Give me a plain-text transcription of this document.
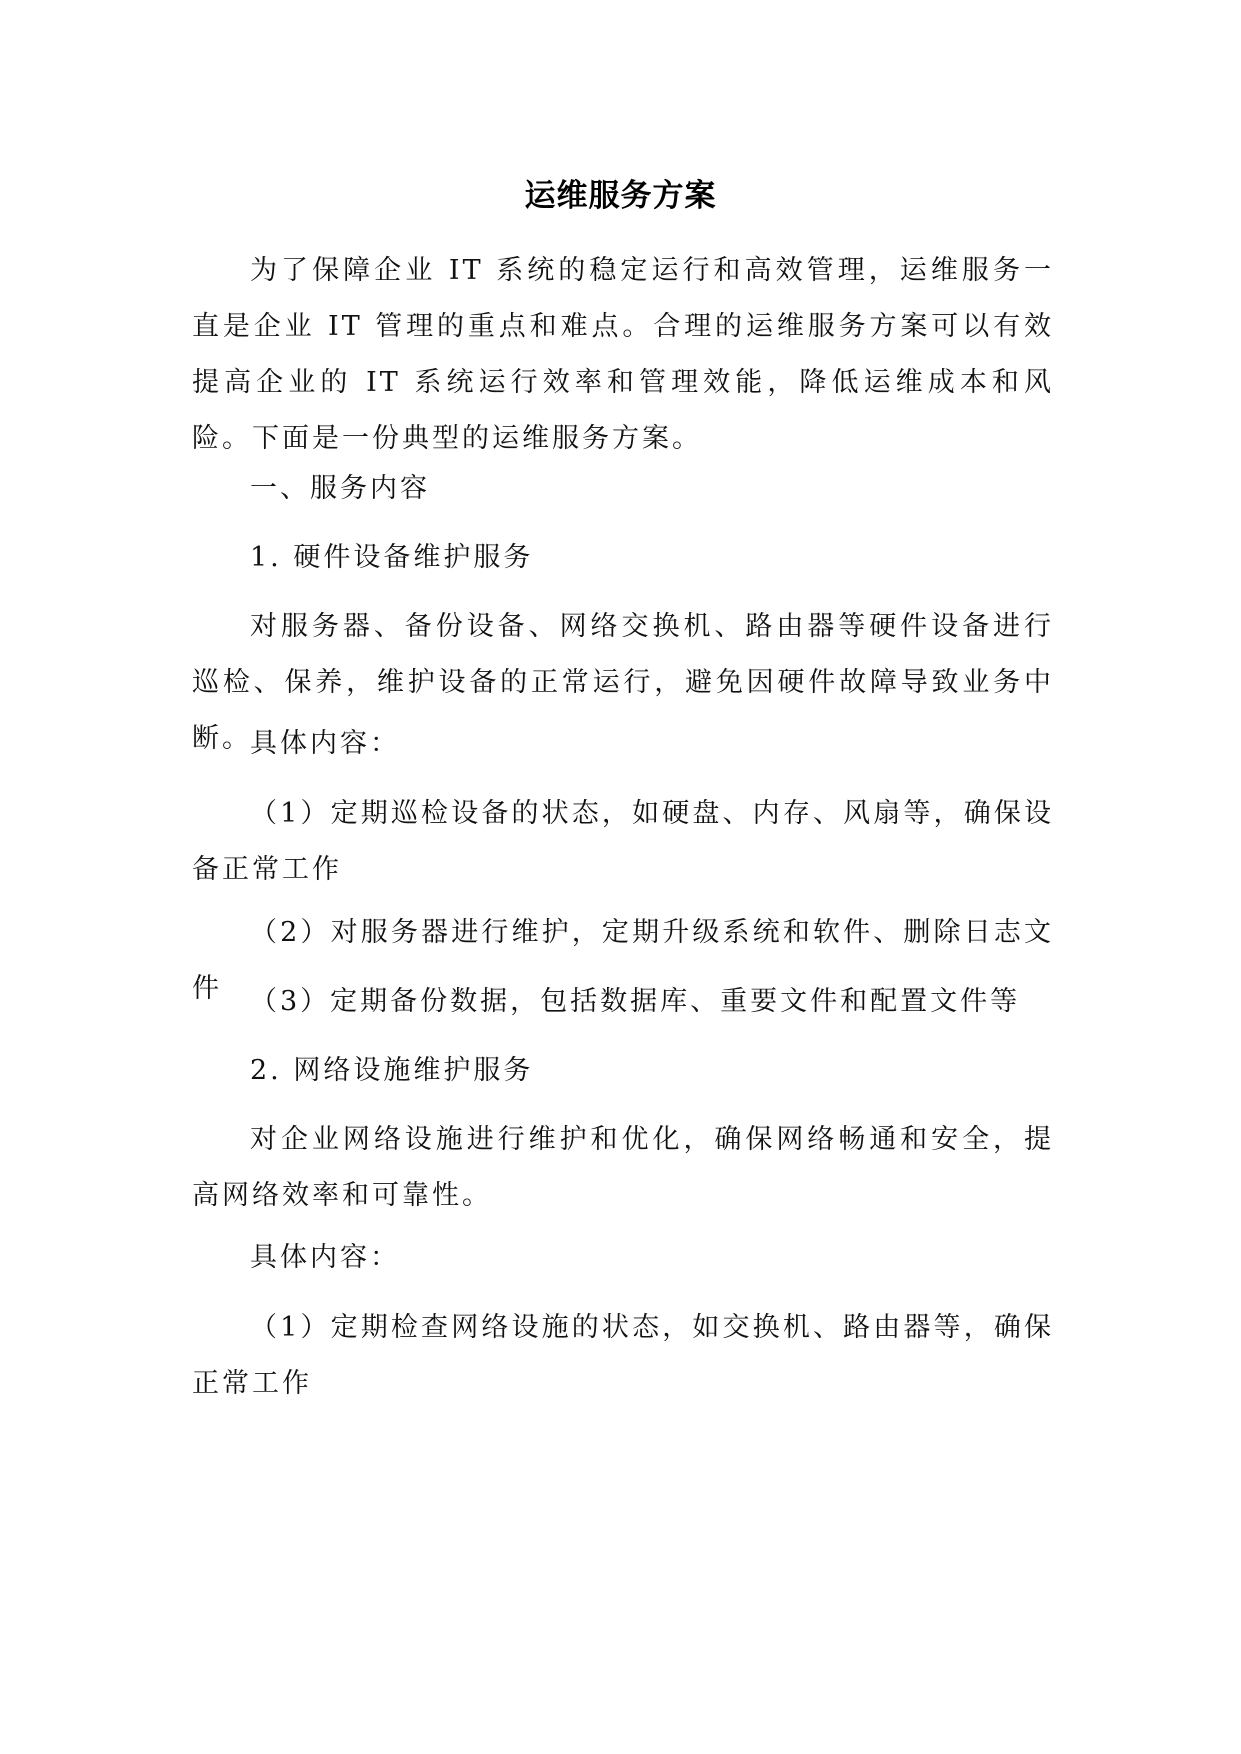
运维服务方案

为了保障企业 IT 系统的稳定运行和高效管理，运维服务一直是企业 IT 管理的重点和难点。合理的运维服务方案可以有效提高企业的 IT 系统运行效率和管理效能，降低运维成本和风险。下面是一份典型的运维服务方案。

一、服务内容

1. 硬件设备维护服务

对服务器、备份设备、网络交换机、路由器等硬件设备进行巡检、保养，维护设备的正常运行，避免因硬件故障导致业务中断。

具体内容：

（1）定期巡检设备的状态，如硬盘、内存、风扇等，确保设备正常工作

（2）对服务器进行维护，定期升级系统和软件、删除日志文件	（3）定期备份数据，包括数据库、重要文件和配置文件等

2. 网络设施维护服务

对企业网络设施进行维护和优化，确保网络畅通和安全，提高网络效率和可靠性。

具体内容：

（1）定期检查网络设施的状态，如交换机、路由器等，确保正常工作
